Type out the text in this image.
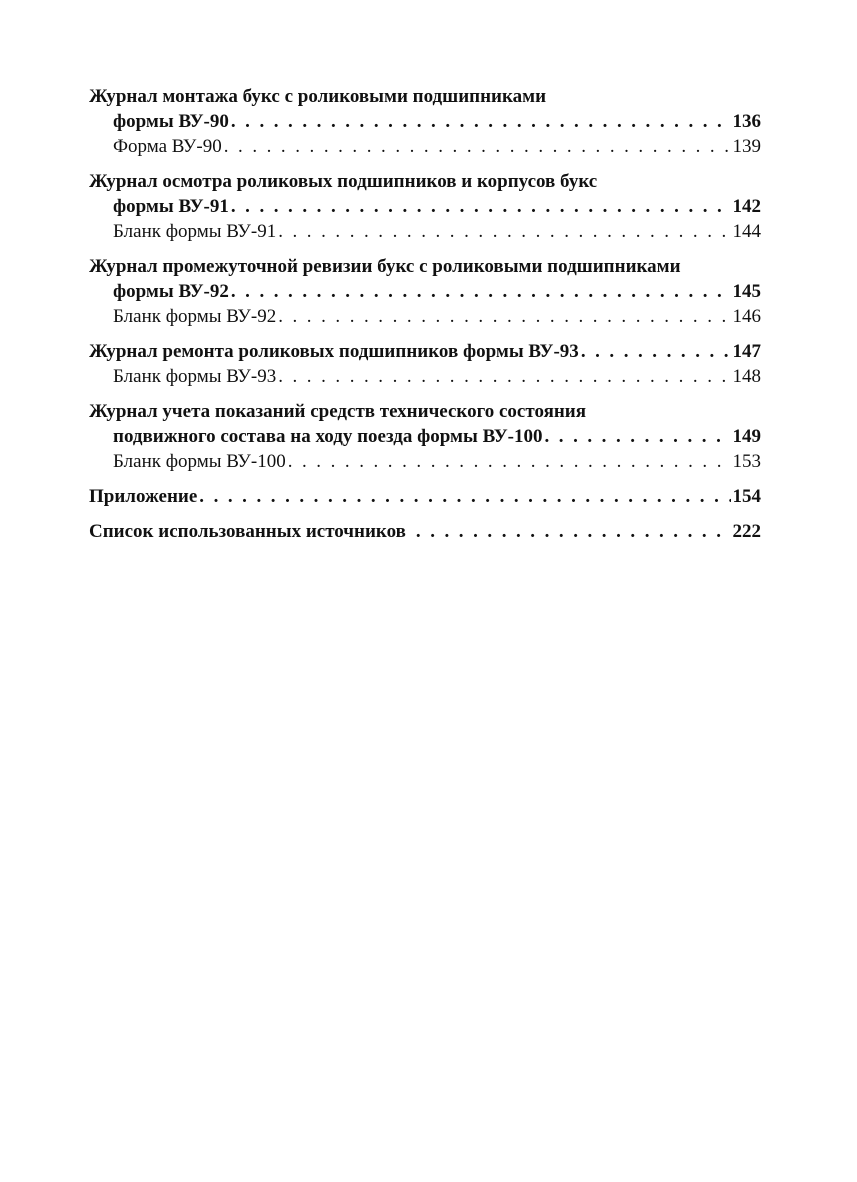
Журнал монтажа букс с роликовыми подшипниками
формы ВУ-90 . . .	136
Форма ВУ-90 . . .	139
Журнал осмотра роликовых подшипников и корпусов букс
формы ВУ-91 . . .	142
Бланк формы ВУ-91 . . .	144
Журнал промежуточной ревизии букс с роликовыми подшипниками
формы ВУ-92 . . .	145
Бланк формы ВУ-92 . . .	146
Журнал ремонта роликовых подшипников формы ВУ-93 . . .	147
Бланк формы ВУ-93 . . .	148
Журнал учета показаний средств технического состояния
подвижного состава на ходу поезда формы ВУ-100 . . .	149
Бланк формы ВУ-100 . . .	153
Приложение . . .	154
Список использованных источников . . .	222
